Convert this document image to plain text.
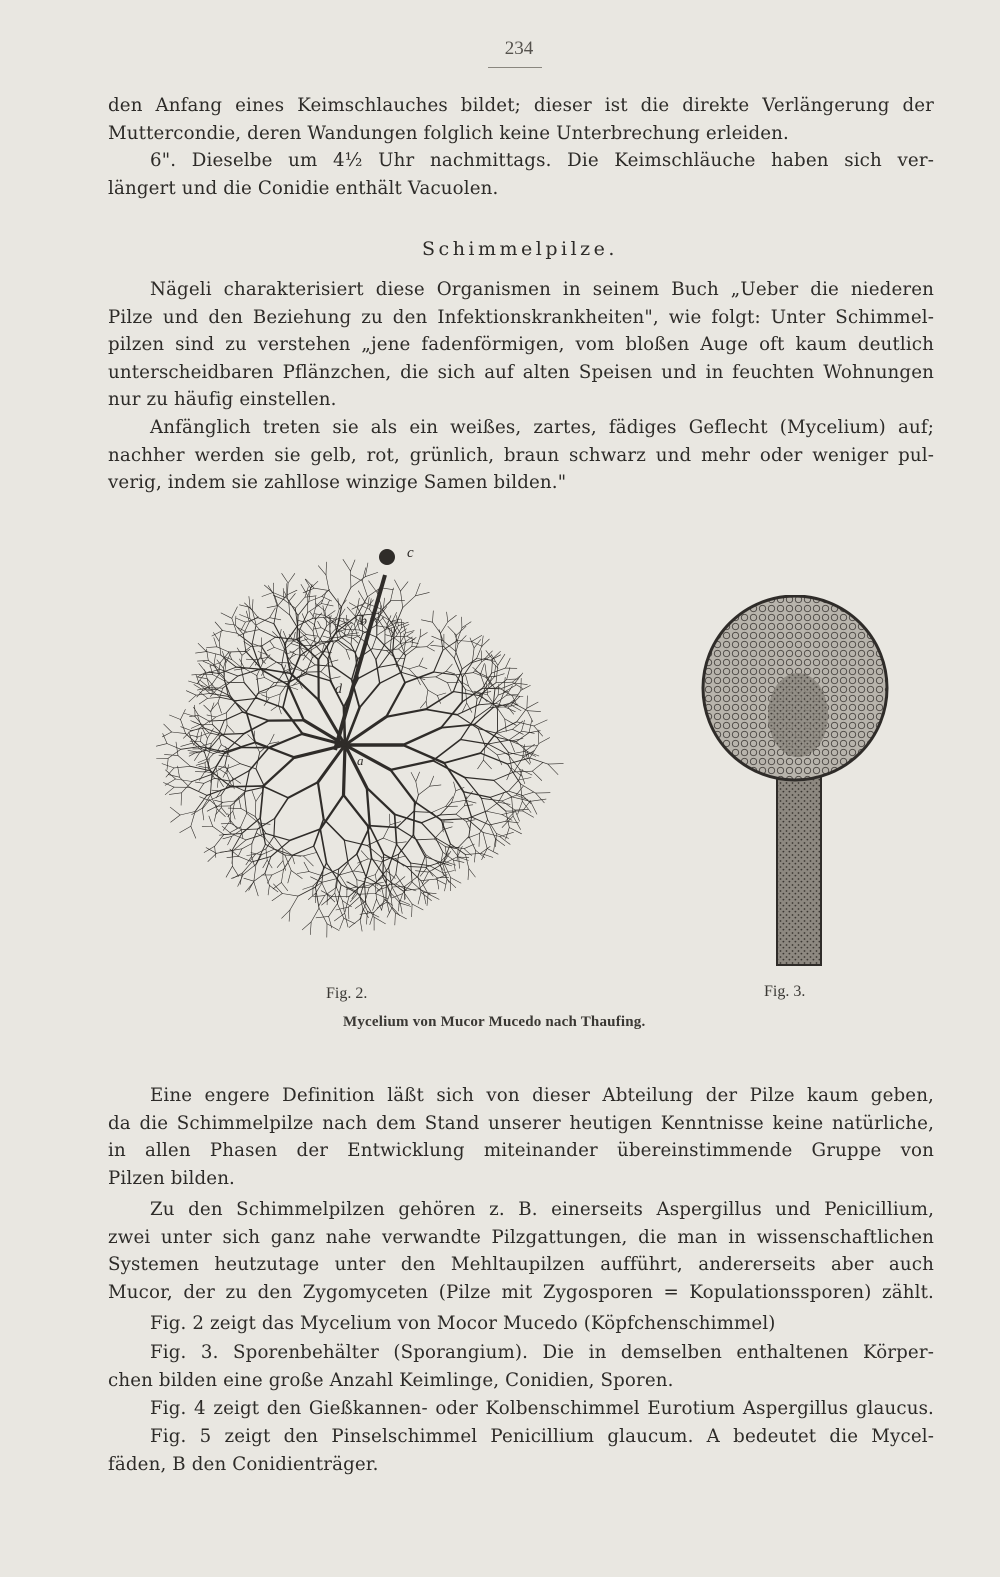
234
den Anfang eines Keimschlauches bildet; dieser ist die direkte Verlängerung der
Muttercondie, deren Wandungen folglich keine Unterbrechung erleiden.
6". Dieselbe um 4½ Uhr nachmittags. Die Keimschläuche haben sich ver-
längert und die Conidie enthält Vacuolen.
Schimmelpilze.
Nägeli charakterisiert diese Organismen in seinem Buch „Ueber die niederen
Pilze und den Beziehung zu den Infektionskrankheiten", wie folgt: Unter Schimmel-
pilzen sind zu verstehen „jene fadenförmigen, vom bloßen Auge oft kaum deutlich
unterscheidbaren Pflänzchen, die sich auf alten Speisen und in feuchten Wohnungen
nur zu häufig einstellen.
Anfänglich treten sie als ein weißes, zartes, fädiges Geflecht (Mycelium) auf;
nachher werden sie gelb, rot, grünlich, braun schwarz und mehr oder weniger pul-
verig, indem sie zahllose winzige Samen bilden."
c
b
d
a
Fig. 2.	Fig. 3.
Mycelium von Mucor Mucedo nach Thaufing.
Eine engere Definition läßt sich von dieser Abteilung der Pilze kaum geben,
da die Schimmelpilze nach dem Stand unserer heutigen Kenntnisse keine natürliche,
in allen Phasen der Entwicklung miteinander übereinstimmende Gruppe von
Pilzen bilden.
Zu den Schimmelpilzen gehören z. B. einerseits Aspergillus und Penicillium,
zwei unter sich ganz nahe verwandte Pilzgattungen, die man in wissenschaftlichen
Systemen heutzutage unter den Mehltaupilzen aufführt, andererseits aber auch
Mucor, der zu den Zygomyceten (Pilze mit Zygosporen = Kopulationssporen) zählt.
Fig. 2 zeigt das Mycelium von Mocor Mucedo (Köpfchenschimmel)
Fig. 3. Sporenbehälter (Sporangium). Die in demselben enthaltenen Körper-
chen bilden eine große Anzahl Keimlinge, Conidien, Sporen.
Fig. 4 zeigt den Gießkannen- oder Kolbenschimmel Eurotium Aspergillus glaucus.
Fig. 5 zeigt den Pinselschimmel Penicillium glaucum. A bedeutet die Mycel-
fäden, B den Conidienträger.
